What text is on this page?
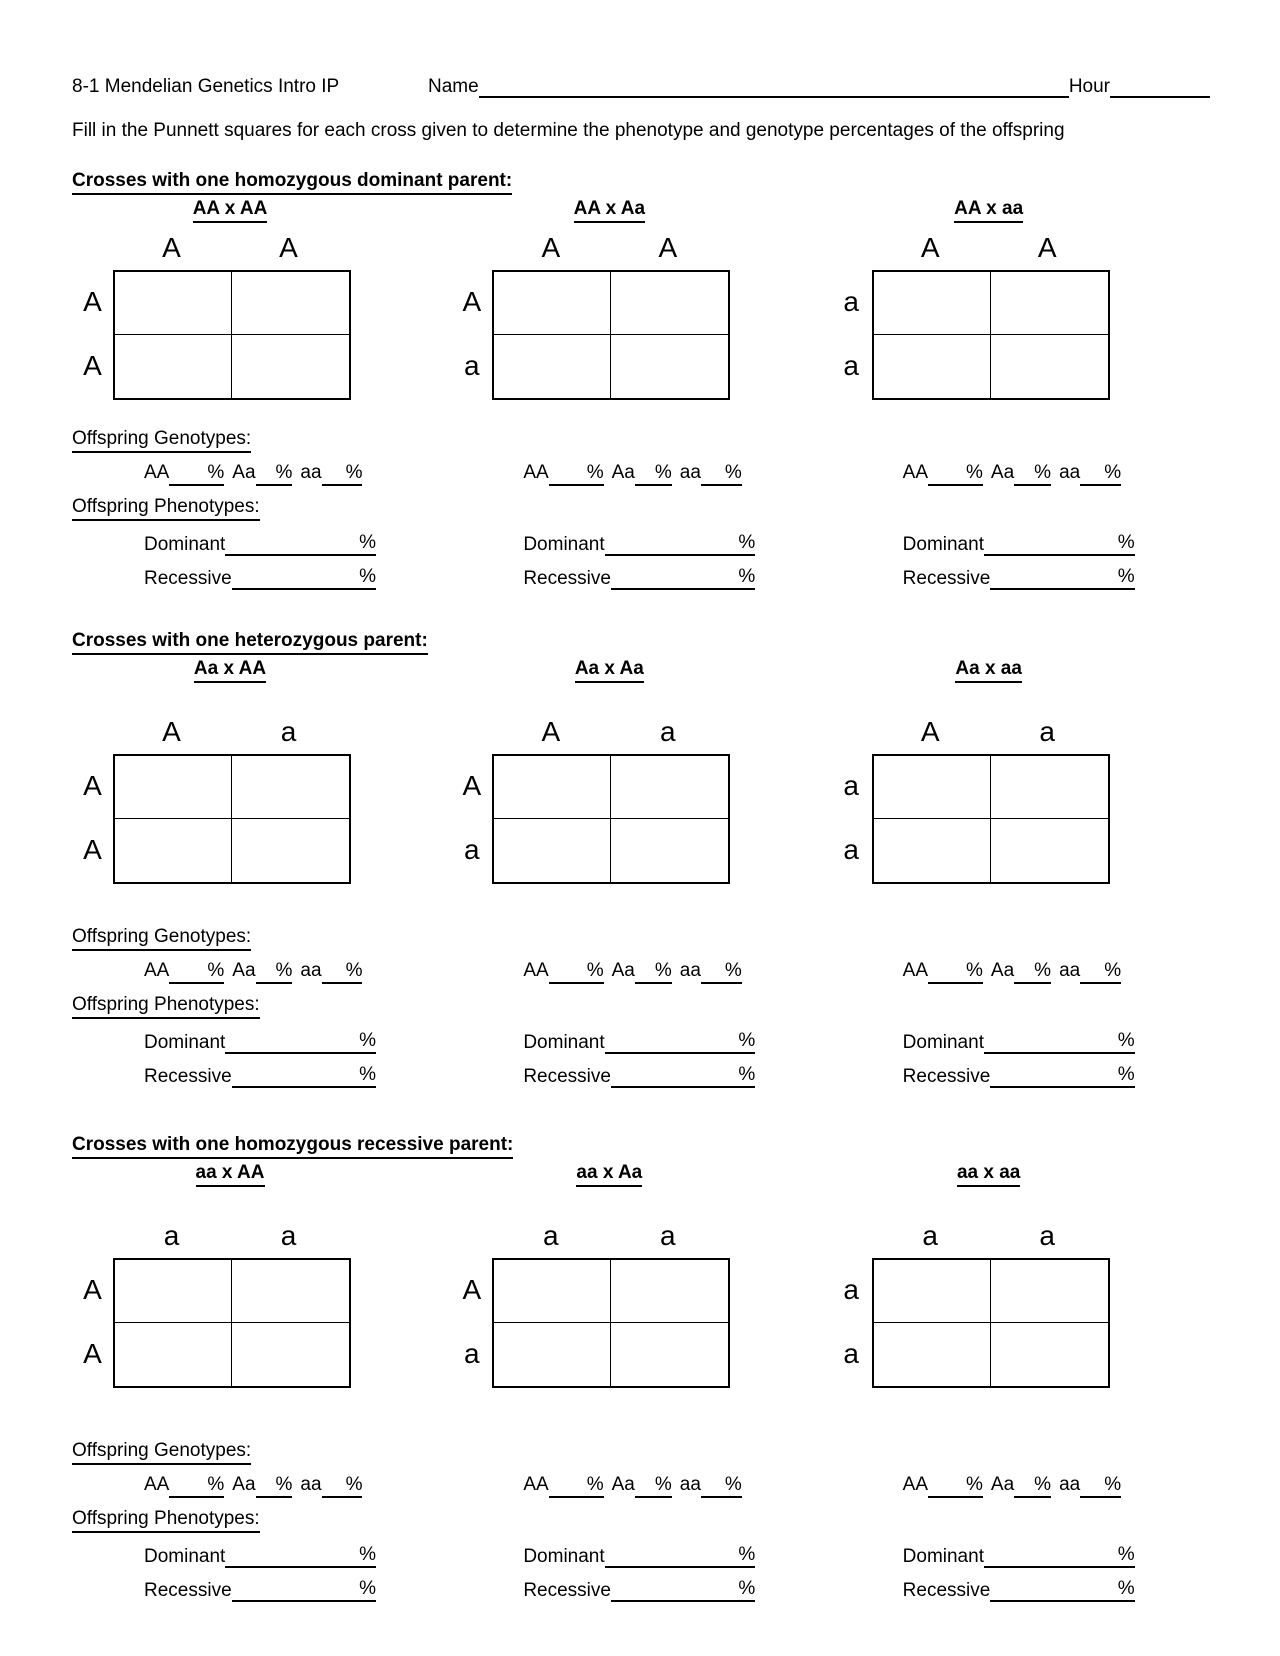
8-1 Mendelian Genetics Intro IP	Name	Hour
Fill in the Punnett squares for each cross given to determine the phenotype and genotype percentages of the offspring
Crosses with one homozygous dominant parent:
AA x AA
A
A
A	A
AA x Aa
A
a
A	A
AA x aa
a
a
A	A
Offspring Genotypes:
AA % Aa % aa %	AA % Aa % aa %	AA % Aa % aa %
Offspring Phenotypes:
Dominant	%	Dominant	%	Dominant	%
Recessive	%	Recessive	%	Recessive	%
Crosses with one heterozygous parent:
Aa x AA
A
A
A	a
Aa x Aa
A
a
A	a
Aa x aa
a
a
A	a
Offspring Genotypes:
AA % Aa % aa %	AA % Aa % aa %	AA % Aa % aa %
Offspring Phenotypes:
Dominant	%	Dominant	%	Dominant	%
Recessive	%	Recessive	%	Recessive	%
Crosses with one homozygous recessive parent:
aa x AA
A
A
a	a
aa x Aa
A
a
a	a
aa x aa
a
a
a	a
Offspring Genotypes:
AA % Aa % aa %	AA % Aa % aa %	AA % Aa % aa %
Offspring Phenotypes:
Dominant	%	Dominant	%	Dominant	%
Recessive	%	Recessive	%	Recessive	%
